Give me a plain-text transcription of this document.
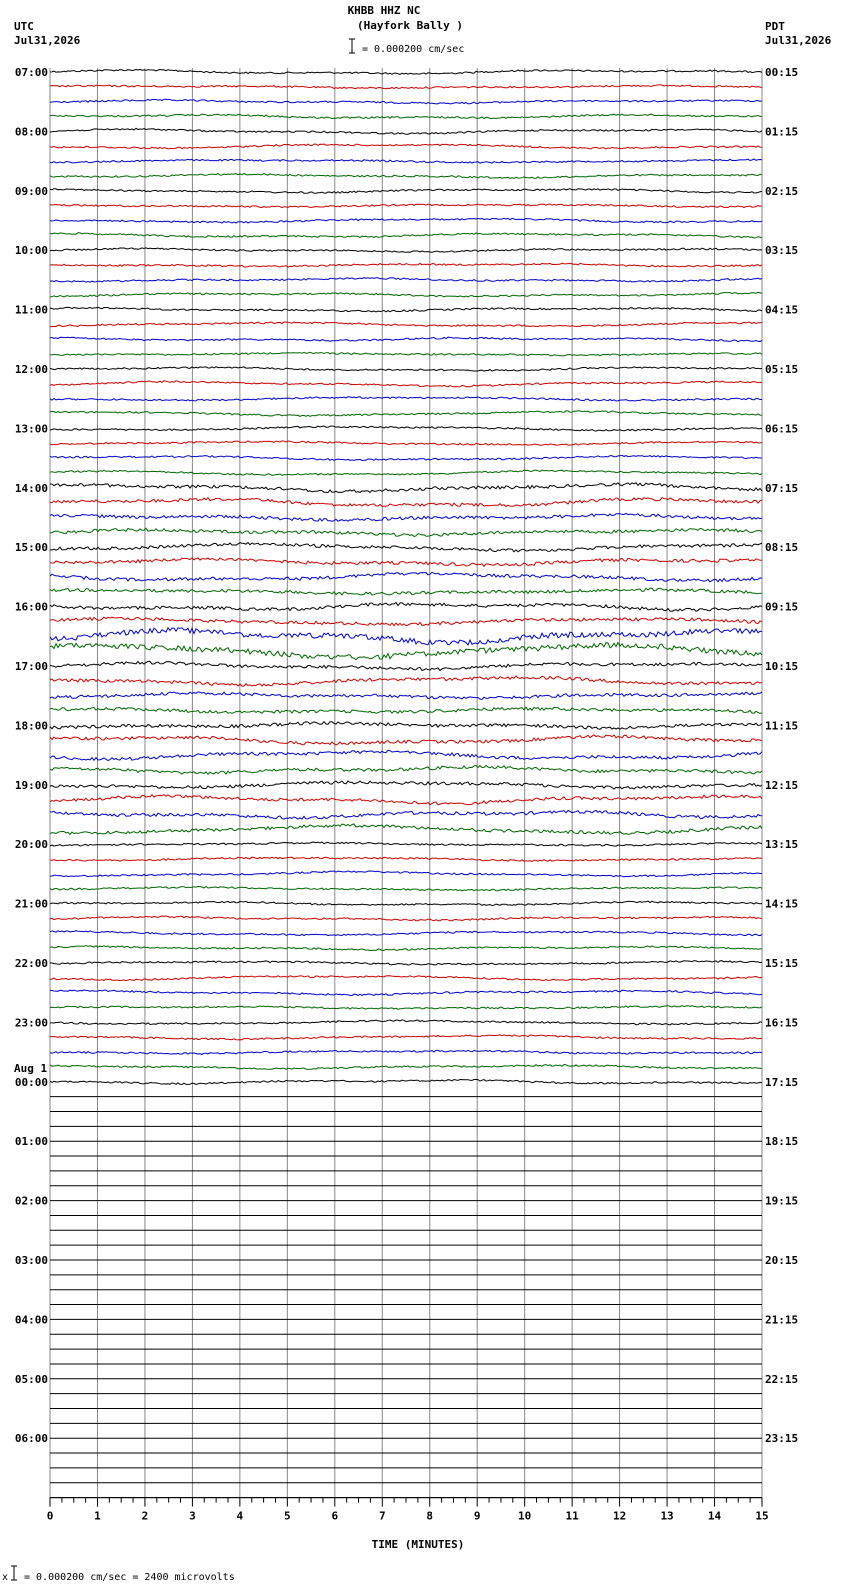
0	1	2	3	4	5	6	7	8	9	10	11	12	13	14	15
07:00
08:00
09:00
10:00
11:00
12:00
13:00
14:00
15:00
16:00
17:00
18:00
19:00
20:00
21:00
22:00
23:00
00:00
Aug 1
01:00
02:00
03:00
04:00
05:00
06:00
00:15
01:15
02:15
03:15
04:15
05:15
06:15
07:15
08:15
09:15
10:15
11:15
12:15
13:15
14:15
15:15
16:15
17:15
18:15
19:15
20:15
21:15
22:15
23:15
KHBB HHZ NC
(Hayfork Bally )
= 0.000200 cm/sec
UTC
Jul31,2026
PDT
Jul31,2026
TIME (MINUTES)
x = 0.000200 cm/sec = 2400 microvolts
